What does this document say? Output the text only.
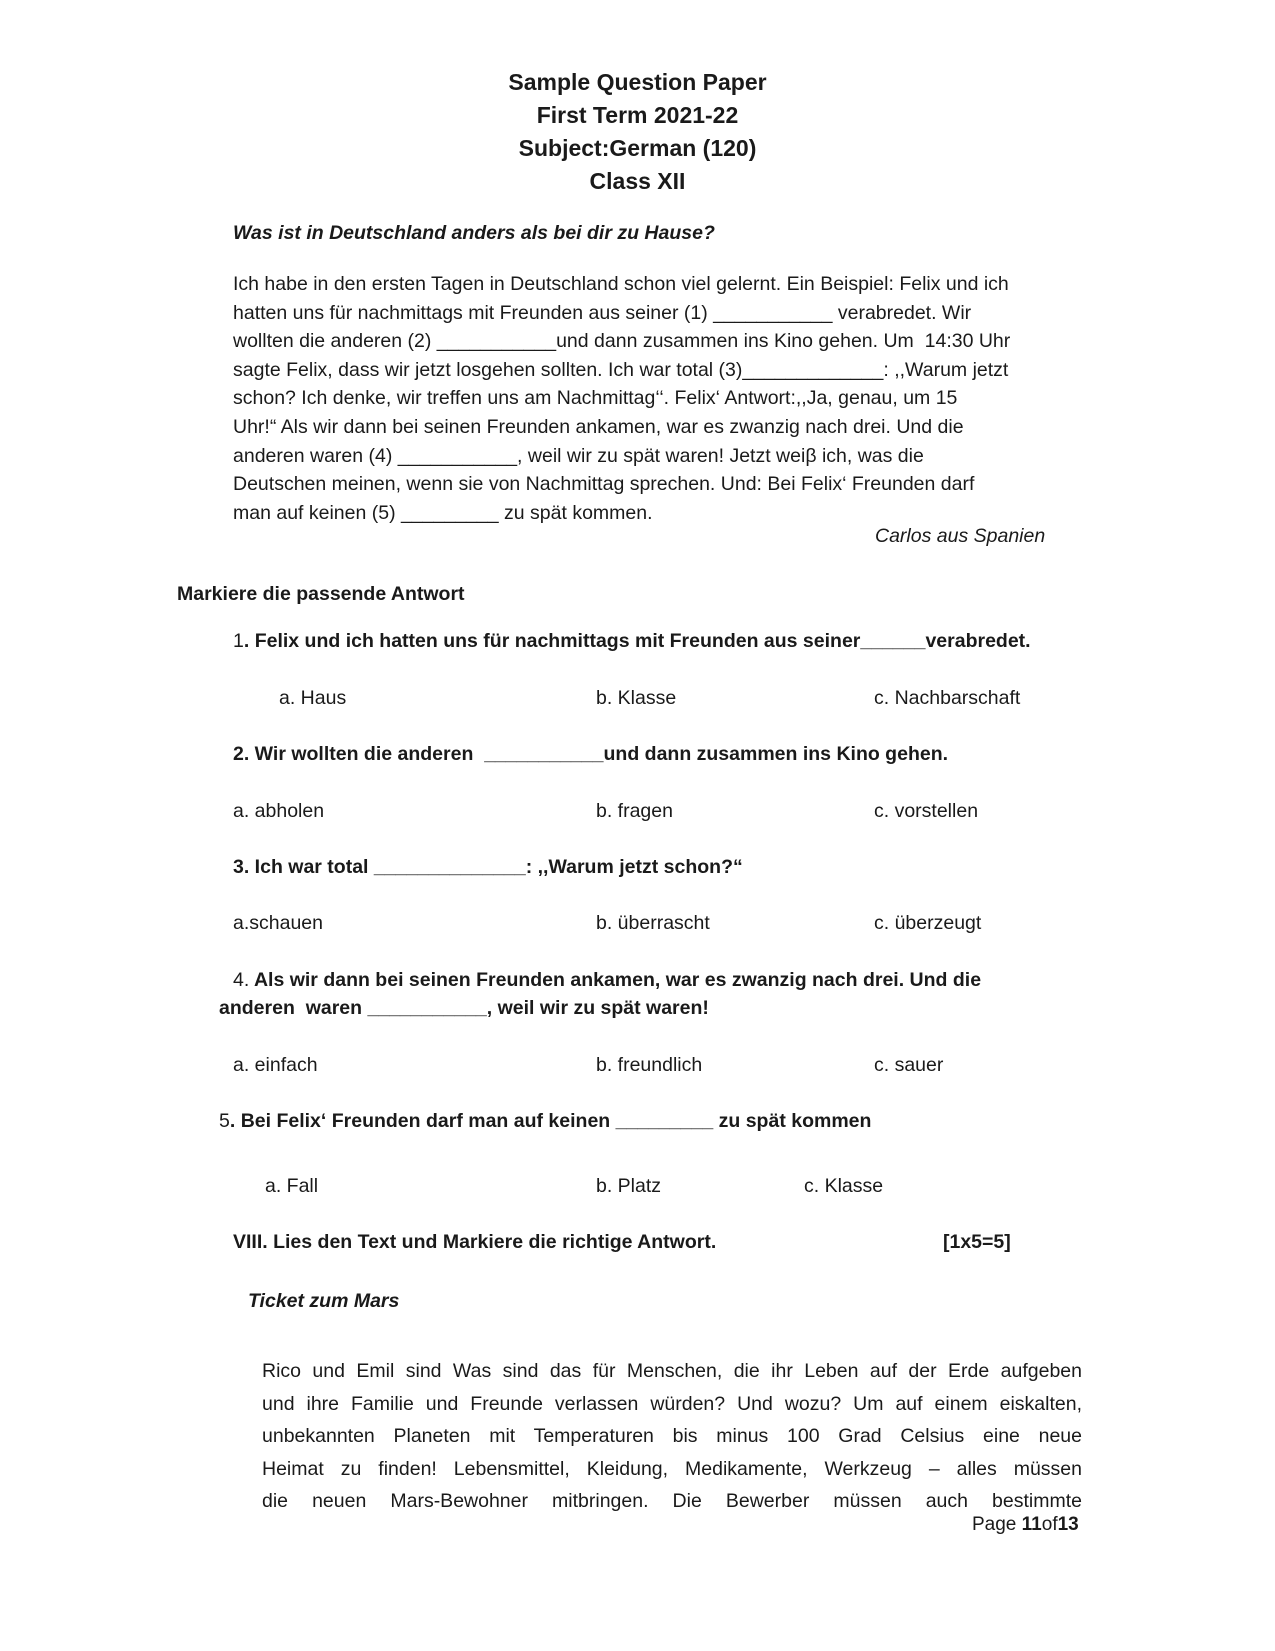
Sample Question Paper
First Term 2021-22
Subject:German (120)
Class XII
Was ist in Deutschland anders als bei dir zu Hause?
Ich habe in den ersten Tagen in Deutschland schon viel gelernt. Ein Beispiel: Felix und ich
hatten uns für nachmittags mit Freunden aus seiner (1) ___________ verabredet. Wir
wollten die anderen (2) ___________und dann zusammen ins Kino gehen. Um  14:30 Uhr
sagte Felix, dass wir jetzt losgehen sollten. Ich war total (3)_____________: ,,Warum jetzt
schon? Ich denke, wir treffen uns am Nachmittag‘‘. Felix‘ Antwort:,,Ja, genau, um 15
Uhr!“ Als wir dann bei seinen Freunden ankamen, war es zwanzig nach drei. Und die
anderen waren (4) ___________, weil wir zu spät waren! Jetzt weiβ ich, was die
Deutschen meinen, wenn sie von Nachmittag sprechen. Und: Bei Felix‘ Freunden darf
man auf keinen (5) _________ zu spät kommen.
Carlos aus Spanien
Markiere die passende Antwort
1. Felix und ich hatten uns für nachmittags mit Freunden aus seiner______verabredet.
a. Haus	b. Klasse	c. Nachbarschaft
2. Wir wollten die anderen  ___________und dann zusammen ins Kino gehen.
a. abholen	b. fragen	c. vorstellen
3. Ich war total ______________: ,,Warum jetzt schon?“
a.schauen	b. überrascht	c. überzeugt
4. Als wir dann bei seinen Freunden ankamen, war es zwanzig nach drei. Und die
anderen  waren ___________, weil wir zu spät waren!
a. einfach	b. freundlich	c. sauer
5. Bei Felix‘ Freunden darf man auf keinen _________ zu spät kommen
a. Fall	b. Platz	c. Klasse
VIII. Lies den Text und Markiere die richtige Antwort.	[1x5=5]
Ticket zum Mars
Rico und Emil sind Was sind das für Menschen, die ihr Leben auf der Erde aufgeben
und ihre Familie und Freunde verlassen würden? Und wozu? Um auf einem eiskalten,
unbekannten Planeten mit Temperaturen bis minus 100 Grad Celsius eine neue
Heimat zu finden! Lebensmittel, Kleidung, Medikamente, Werkzeug – alles müssen
die neuen Mars-Bewohner mitbringen. Die Bewerber müssen auch bestimmte
Page 11of13
